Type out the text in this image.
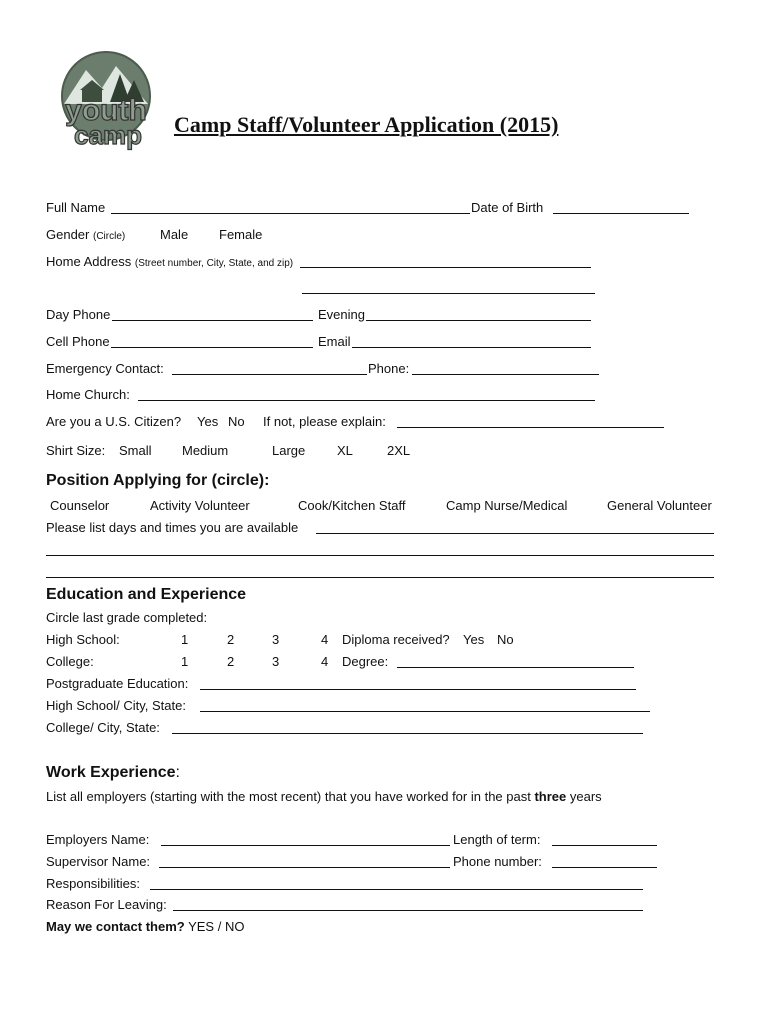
youth
camp Camp Staff/Volunteer Application (2015)
Full Name	Date of Birth
Gender (Circle)	Male Female
Home Address (Street number, City, State, and zip)
Day Phone	Evening
Cell Phone	Email
Emergency Contact:	Phone:
Home Church:
Are you a U.S. Citizen? Yes No If not, please explain:
Shirt Size: Small Medium	Large XL	2XL
Position Applying for (circle):
Counselor	Activity Volunteer	Cook/Kitchen Staff	Camp Nurse/Medical	General Volunteer
Please list days and times you are available
Education and Experience
Circle last grade completed:
High School:	1	2	3	4 Diploma received? Yes No
College:	1	2	3	4 Degree:
Postgraduate Education:
High School/ City, State:
College/ City, State:
Work Experience:
List all employers (starting with the most recent) that you have worked for in the past three years
Employers Name:	Length of term:
Supervisor Name:	Phone number:
Responsibilities:
Reason For Leaving:
May we contact them? YES / NO
